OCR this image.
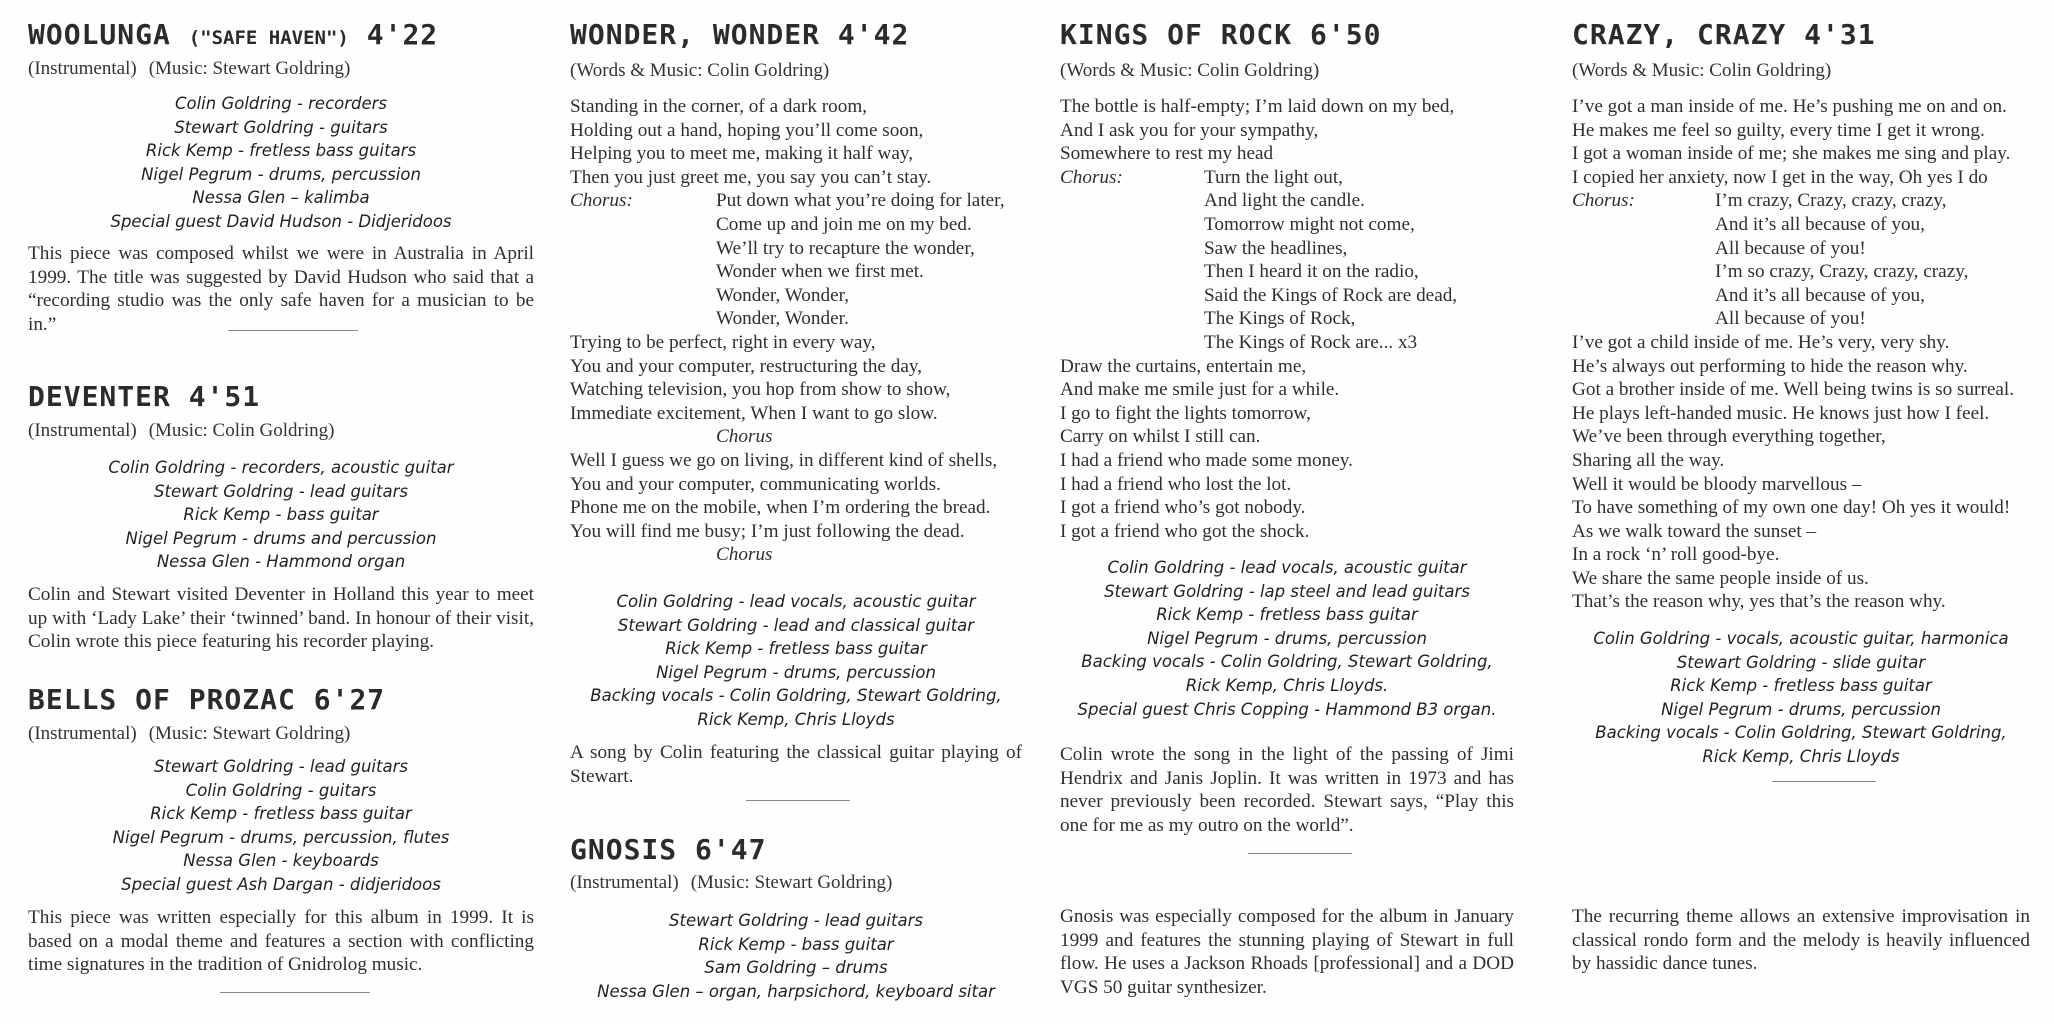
WOOLUNGA ("SAFE HAVEN") 4'22
(Instrumental) (Music: Stewart Goldring)
Colin Goldring - recorders
Stewart Goldring - guitars
Rick Kemp - fretless bass guitars
Nigel Pegrum - drums, percussion
Nessa Glen – kalimba
Special guest David Hudson - Didjeridoos
This piece was composed whilst we were in Australia in April 1999. The title was suggested by David Hudson who said that a “recording studio was the only safe haven for a musician to be in.”
DEVENTER 4'51
(Instrumental) (Music: Colin Goldring)
Colin Goldring - recorders, acoustic guitar
Stewart Goldring - lead guitars
Rick Kemp - bass guitar
Nigel Pegrum - drums and percussion
Nessa Glen - Hammond organ
Colin and Stewart visited Deventer in Holland this year to meet up with ‘Lady Lake’ their ‘twinned’ band. In honour of their visit, Colin wrote this piece featuring his recorder playing.
BELLS OF PROZAC 6'27
(Instrumental) (Music: Stewart Goldring)
Stewart Goldring - lead guitars
Colin Goldring - guitars
Rick Kemp - fretless bass guitar
Nigel Pegrum - drums, percussion, flutes
Nessa Glen - keyboards
Special guest Ash Dargan - didjeridoos
This piece was written especially for this album in 1999. It is based on a modal theme and features a section with conflicting time signatures in the tradition of Gnidrolog music.
WONDER, WONDER 4'42
(Words & Music: Colin Goldring)
Standing in the corner, of a dark room,
Holding out a hand, hoping you’ll come soon,
Helping you to meet me, making it half way,
Then you just greet me, you say you can’t stay.
Chorus:	Put down what you’re doing for later,
Come up and join me on my bed.
We’ll try to recapture the wonder,
Wonder when we first met.
Wonder, Wonder,
Wonder, Wonder.
Trying to be perfect, right in every way,
You and your computer, restructuring the day,
Watching television, you hop from show to show,
Immediate excitement, When I want to go slow.
Chorus
Well I guess we go on living, in different kind of shells,
You and your computer, communicating worlds.
Phone me on the mobile, when I’m ordering the bread.
You will find me busy; I’m just following the dead.
Chorus
Colin Goldring - lead vocals, acoustic guitar
Stewart Goldring - lead and classical guitar
Rick Kemp - fretless bass guitar
Nigel Pegrum - drums, percussion
Backing vocals - Colin Goldring, Stewart Goldring,
Rick Kemp, Chris Lloyds
A song by Colin featuring the classical guitar playing of Stewart.
GNOSIS 6'47
(Instrumental) (Music: Stewart Goldring)
Stewart Goldring - lead guitars
Rick Kemp - bass guitar
Sam Goldring – drums
Nessa Glen – organ, harpsichord, keyboard sitar
KINGS OF ROCK 6'50
(Words & Music: Colin Goldring)
The bottle is half-empty; I’m laid down on my bed,
And I ask you for your sympathy,
Somewhere to rest my head
Chorus:	Turn the light out,
And light the candle.
Tomorrow might not come,
Saw the headlines,
Then I heard it on the radio,
Said the Kings of Rock are dead,
The Kings of Rock,
The Kings of Rock are... x3
Draw the curtains, entertain me,
And make me smile just for a while.
I go to fight the lights tomorrow,
Carry on whilst I still can.
I had a friend who made some money.
I had a friend who lost the lot.
I got a friend who’s got nobody.
I got a friend who got the shock.
Colin Goldring - lead vocals, acoustic guitar
Stewart Goldring - lap steel and lead guitars
Rick Kemp - fretless bass guitar
Nigel Pegrum - drums, percussion
Backing vocals - Colin Goldring, Stewart Goldring,
Rick Kemp, Chris Lloyds.
Special guest Chris Copping - Hammond B3 organ.
Colin wrote the song in the light of the passing of Jimi Hendrix and Janis Joplin. It was written in 1973 and has never previously been recorded. Stewart says, “Play this one for me as my outro on the world”.
Gnosis was especially composed for the album in January 1999 and features the stunning playing of Stewart in full flow. He uses a Jackson Rhoads [professional] and a DOD VGS 50 guitar synthesizer.
CRAZY, CRAZY 4'31
(Words & Music: Colin Goldring)
I’ve got a man inside of me. He’s pushing me on and on.
He makes me feel so guilty, every time I get it wrong.
I got a woman inside of me; she makes me sing and play.
I copied her anxiety, now I get in the way, Oh yes I do
Chorus:	I’m crazy, Crazy, crazy, crazy,
And it’s all because of you,
All because of you!
I’m so crazy, Crazy, crazy, crazy,
And it’s all because of you,
All because of you!
I’ve got a child inside of me. He’s very, very shy.
He’s always out performing to hide the reason why.
Got a brother inside of me. Well being twins is so surreal.
He plays left-handed music. He knows just how I feel.
We’ve been through everything together,
Sharing all the way.
Well it would be bloody marvellous –
To have something of my own one day! Oh yes it would!
As we walk toward the sunset –
In a rock ‘n’ roll good-bye.
We share the same people inside of us.
That’s the reason why, yes that’s the reason why.
Colin Goldring - vocals, acoustic guitar, harmonica
Stewart Goldring - slide guitar
Rick Kemp - fretless bass guitar
Nigel Pegrum - drums, percussion
Backing vocals - Colin Goldring, Stewart Goldring,
Rick Kemp, Chris Lloyds
The recurring theme allows an extensive improvisation in classical rondo form and the melody is heavily influenced by hassidic dance tunes.
